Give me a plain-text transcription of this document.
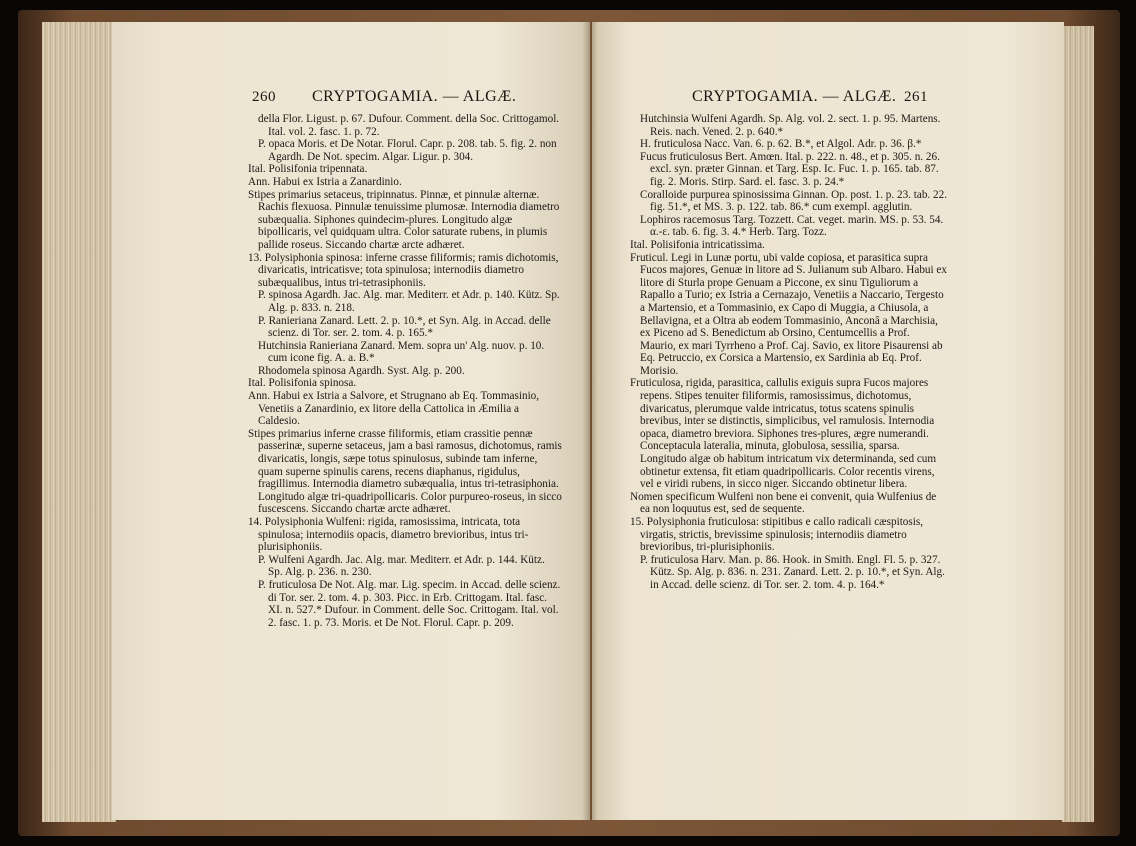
260 CRYPTOGAMIA. — ALGÆ.	CRYPTOGAMIA. — ALGÆ. 261

della Flor. Ligust. p. 67. Dufour. Comment. della Soc. Crittogamol. Ital. vol. 2. fasc. 1. p. 72.

P. opaca Moris. et De Notar. Florul. Capr. p. 208. tab. 5. fig. 2. non Agardh. De Not. specim. Algar. Ligur. p. 304.

Ital. Polisifonia tripennata.

Ann. Habui ex Istria a Zanardinio.

Stipes primarius setaceus, tripinnatus. Pinnæ, et pinnulæ alternæ. Rachis flexuosa. Pinnulæ tenuissime plumosæ. Internodia diametro subæqualia. Siphones quindecim-plures. Longitudo algæ bipollicaris, vel quidquam ultra. Color saturate rubens, in plumis pallide roseus. Siccando chartæ arcte adhæret.

13. Polysiphonia spinosa: inferne crasse filiformis; ramis dichotomis, divaricatis, intricatisve; tota spinulosa; internodiis diametro subæqualibus, intus tri-tetrasiphoniis.

P. spinosa Agardh. Jac. Alg. mar. Mediterr. et Adr. p. 140. Kütz. Sp. Alg. p. 833. n. 218.

P. Ranieriana Zanard. Lett. 2. p. 10.*, et Syn. Alg. in Accad. delle scienz. di Tor. ser. 2. tom. 4. p. 165.*

Hutchinsia Ranieriana Zanard. Mem. sopra un' Alg. nuov. p. 10. cum icone fig. A. a. B.*

Rhodomela spinosa Agardh. Syst. Alg. p. 200.

Ital. Polisifonia spinosa.

Ann. Habui ex Istria a Salvore, et Strugnano ab Eq. Tommasinio, Venetiis a Zanardinio, ex litore della Cattolica in Æmilia a Caldesio.

Stipes primarius inferne crasse filiformis, etiam crassitie pennæ passerinæ, superne setaceus, jam a basi ramosus, dichotomus, ramis divaricatis, longis, sæpe totus spinulosus, subinde tam inferne, quam superne spinulis carens, recens diaphanus, rigidulus, fragillimus. Internodia diametro subæqualia, intus tri-tetrasiphonia. Longitudo algæ tri-quadripollicaris. Color purpureo-roseus, in sicco fuscescens. Siccando chartæ arcte adhæret.

14. Polysiphonia Wulfeni: rigida, ramosissima, intricata, tota spinulosa; internodiis opacis, diametro brevioribus, intus tri-plurisiphoniis.

P. Wulfeni Agardh. Jac. Alg. mar. Mediterr. et Adr. p. 144. Kütz. Sp. Alg. p. 236. n. 230.

P. fruticulosa De Not. Alg. mar. Lig. specim. in Accad. delle scienz. di Tor. ser. 2. tom. 4. p. 303. Picc. in Erb. Crittogam. Ital. fasc. XI. n. 527.* Dufour. in Comment. delle Soc. Crittogam. Ital. vol. 2. fasc. 1. p. 73. Moris. et De Not. Florul. Capr. p. 209.

Hutchinsia Wulfeni Agardh. Sp. Alg. vol. 2. sect. 1. p. 95. Martens. Reis. nach. Vened. 2. p. 640.*

H. fruticulosa Nacc. Van. 6. p. 62. B.*, et Algol. Adr. p. 36. β.*

Fucus fruticulosus Bert. Amœn. Ital. p. 222. n. 48., et p. 305. n. 26. excl. syn. præter Ginnan. et Targ. Esp. Ic. Fuc. 1. p. 165. tab. 87. fig. 2. Moris. Stirp. Sard. el. fasc. 3. p. 24.*

Coralloide purpurea spinosissima Ginnan. Op. post. 1. p. 23. tab. 22. fig. 51.*, et MS. 3. p. 122. tab. 86.* cum exempl. agglutin.

Lophiros racemosus Targ. Tozzett. Cat. veget. marin. MS. p. 53. 54. α.-ε. tab. 6. fig. 3. 4.* Herb. Targ. Tozz.

Ital. Polisifonia intricatissima.

Fruticul. Legi in Lunæ portu, ubi valde copiosa, et parasitica supra Fucos majores, Genuæ in litore ad S. Julianum sub Albaro. Habui ex litore di Sturla prope Genuam a Piccone, ex sinu Tiguliorum a Rapallo a Turio; ex Istria a Cernazajo, Venetiis a Naccario, Tergesto a Martensio, et a Tommasinio, ex Capo di Muggia, a Chiusola, a Bellavigna, et a Oltra ab eodem Tommasinio, Anconâ a Marchisia, ex Piceno ad S. Benedictum ab Orsino, Centumcellis a Prof. Maurio, ex mari Tyrrheno a Prof. Caj. Savio, ex litore Pisaurensi ab Eq. Petruccio, ex Corsica a Martensio, ex Sardinia ab Eq. Prof. Morisio.

Fruticulosa, rigida, parasitica, callulis exiguis supra Fucos majores repens. Stipes tenuiter filiformis, ramosissimus, dichotomus, divaricatus, plerumque valde intricatus, totus scatens spinulis brevibus, inter se distinctis, simplicibus, vel ramulosis. Internodia opaca, diametro breviora. Siphones tres-plures, ægre numerandi. Conceptacula lateralia, minuta, globulosa, sessilia, sparsa. Longitudo algæ ob habitum intricatum vix determinanda, sed cum obtinetur extensa, fit etiam quadripollicaris. Color recentis virens, vel e viridi rubens, in sicco niger. Siccando obtinetur libera.

Nomen specificum Wulfeni non bene ei convenit, quia Wulfenius de ea non loquutus est, sed de sequente.

15. Polysiphonia fruticulosa: stipitibus e callo radicali cæspitosis, virgatis, strictis, brevissime spinulosis; internodiis diametro brevioribus, tri-plurisiphoniis.

P. fruticulosa Harv. Man. p. 86. Hook. in Smith. Engl. Fl. 5. p. 327. Kütz. Sp. Alg. p. 836. n. 231. Zanard. Lett. 2. p. 10.*, et Syn. Alg. in Accad. delle scienz. di Tor. ser. 2. tom. 4. p. 164.*
